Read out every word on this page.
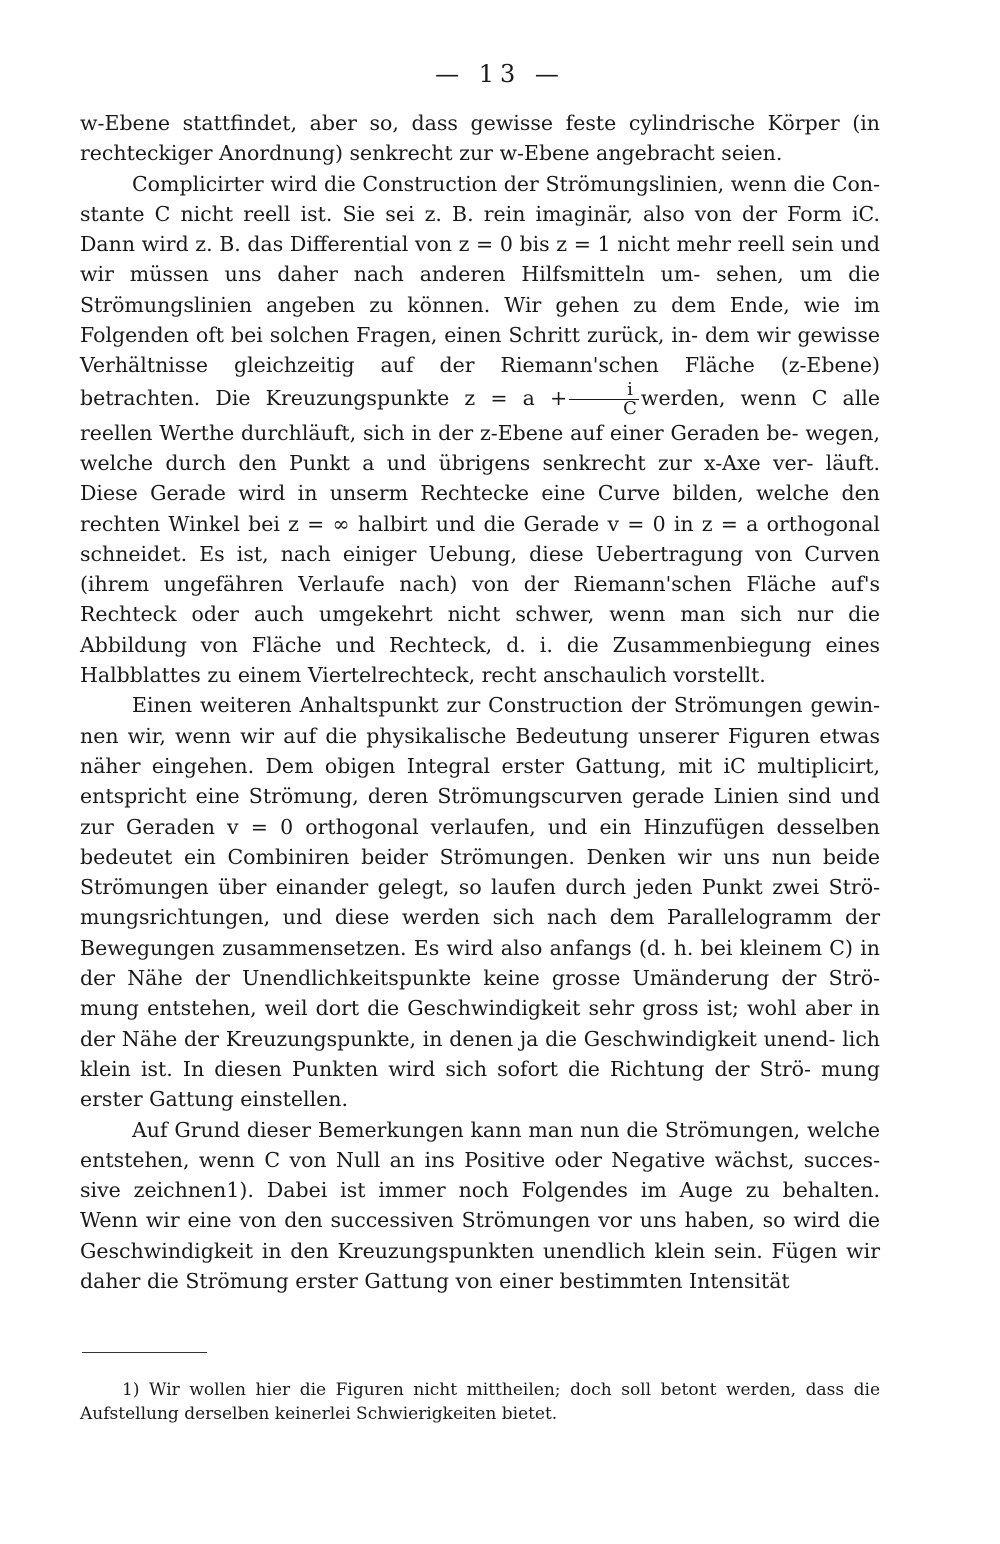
— 13 —

w-Ebene stattfindet, aber so, dass gewisse feste cylindrische Körper (in rechteckiger Anordnung) senkrecht zur w-Ebene angebracht seien.

Complicirter wird die Construction der Strömungslinien, wenn die Con- stante C nicht reell ist. Sie sei z. B. rein imaginär, also von der Form iC. Dann wird z. B. das Differential von z = 0 bis z = 1 nicht mehr reell sein und wir müssen uns daher nach anderen Hilfsmitteln um- sehen, um die Strömungslinien angeben zu können. Wir gehen zu dem Ende, wie im Folgenden oft bei solchen Fragen, einen Schritt zurück, in- dem wir gewisse Verhältnisse gleichzeitig auf der Riemann'schen Fläche (z-Ebene) betrachten. Die Kreuzungspunkte $z = a + \frac{i}{C}$ werden, wenn C alle reellen Werthe durchläuft, sich in der z-Ebene auf einer Geraden be- wegen, welche durch den Punkt a und übrigens senkrecht zur x-Axe ver- läuft. Diese Gerade wird in unserm Rechtecke eine Curve bilden, welche den rechten Winkel bei z = ∞ halbirt und die Gerade v = 0 in z = a orthogonal schneidet. Es ist, nach einiger Uebung, diese Uebertragung von Curven (ihrem ungefähren Verlaufe nach) von der Riemann'schen Fläche auf's Rechteck oder auch umgekehrt nicht schwer, wenn man sich nur die Abbildung von Fläche und Rechteck, d. i. die Zusammenbiegung eines Halbblattes zu einem Viertelrechteck, recht anschaulich vorstellt.

Einen weiteren Anhaltspunkt zur Construction der Strömungen gewin- nen wir, wenn wir auf die physikalische Bedeutung unserer Figuren etwas näher eingehen. Dem obigen Integral erster Gattung, mit iC multiplicirt, entspricht eine Strömung, deren Strömungscurven gerade Linien sind und zur Geraden v = 0 orthogonal verlaufen, und ein Hinzufügen desselben bedeutet ein Combiniren beider Strömungen. Denken wir uns nun beide Strömungen über einander gelegt, so laufen durch jeden Punkt zwei Strö- mungsrichtungen, und diese werden sich nach dem Parallelogramm der Bewegungen zusammensetzen. Es wird also anfangs (d. h. bei kleinem C) in der Nähe der Unendlichkeitspunkte keine grosse Umänderung der Strö- mung entstehen, weil dort die Geschwindigkeit sehr gross ist; wohl aber in der Nähe der Kreuzungspunkte, in denen ja die Geschwindigkeit unend- lich klein ist. In diesen Punkten wird sich sofort die Richtung der Strö- mung erster Gattung einstellen.

Auf Grund dieser Bemerkungen kann man nun die Strömungen, welche entstehen, wenn C von Null an ins Positive oder Negative wächst, succes- sive zeichnen1). Dabei ist immer noch Folgendes im Auge zu behalten. Wenn wir eine von den successiven Strömungen vor uns haben, so wird die Geschwindigkeit in den Kreuzungspunkten unendlich klein sein. Fügen wir daher die Strömung erster Gattung von einer bestimmten Intensität

1) Wir wollen hier die Figuren nicht mittheilen; doch soll betont werden, dass die Aufstellung derselben keinerlei Schwierigkeiten bietet.
